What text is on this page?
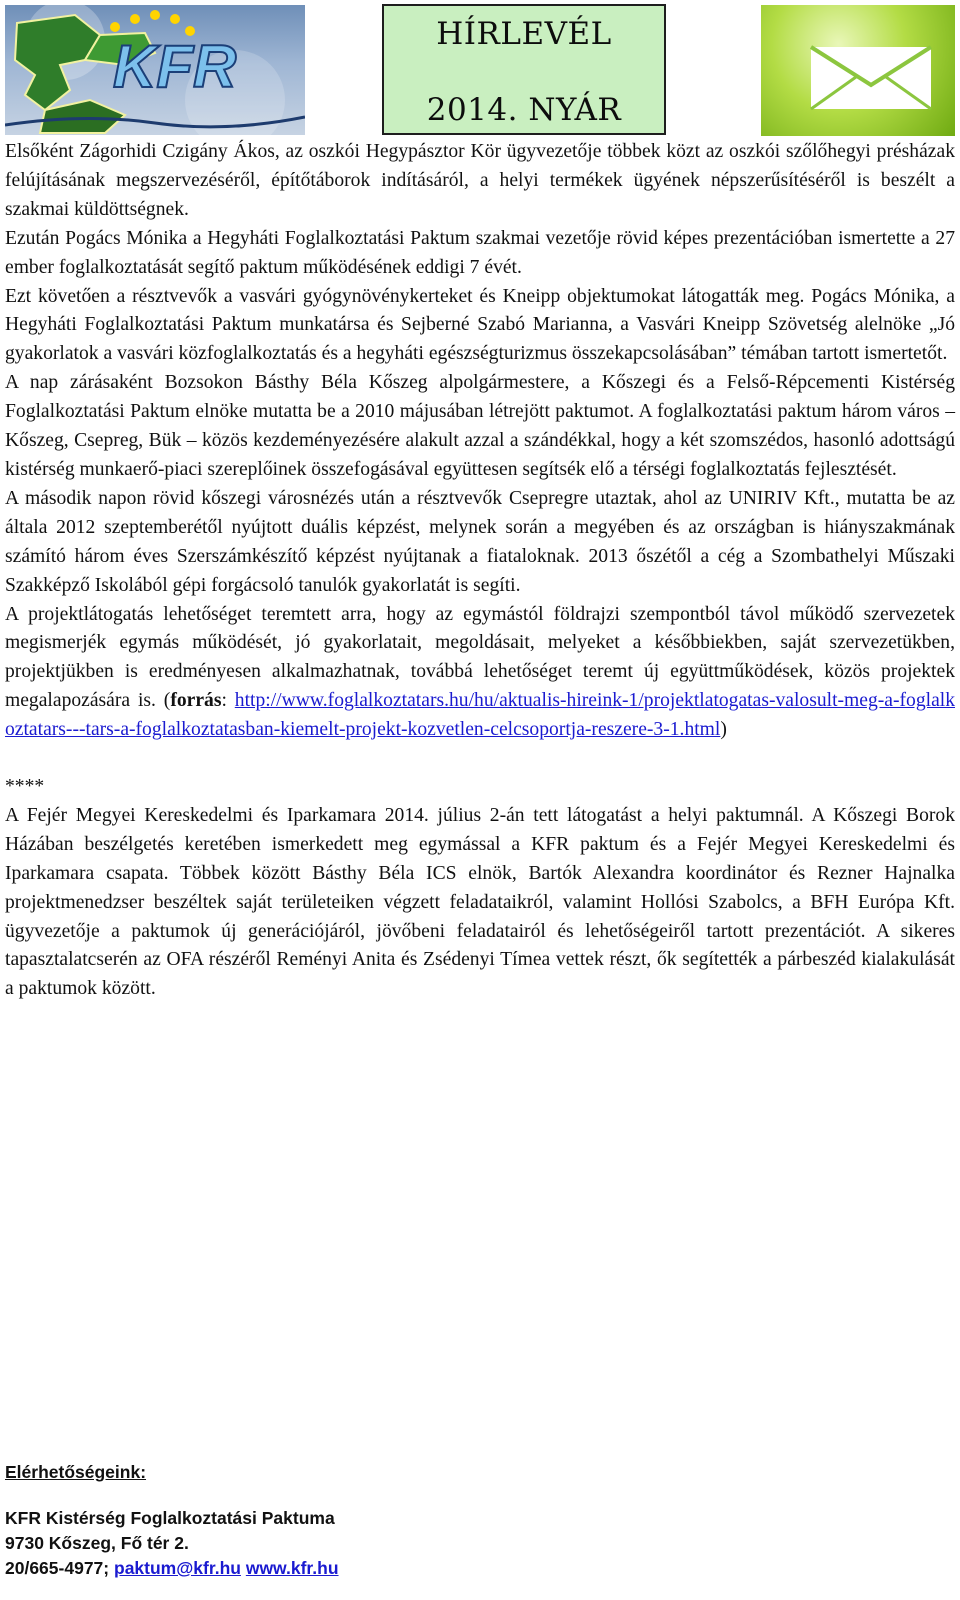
KFR	HÍRLEVÉL
2014. NYÁR

Elsőként Zágorhidi Czigány Ákos, az oszkói Hegypásztor Kör ügyvezetője többek közt az oszkói szőlőhegyi présházak felújításának megszervezéséről, építőtáborok indításáról, a helyi termékek ügyének népszerűsítéséről is beszélt a szakmai küldöttségnek.

Ezután Pogács Mónika a Hegyháti Foglalkoztatási Paktum szakmai vezetője rövid képes prezentációban ismertette a 27 ember foglalkoztatását segítő paktum működésének eddigi 7 évét.

Ezt követően a résztvevők a vasvári gyógynövénykerteket és Kneipp objektumokat látogatták meg. Pogács Mónika, a Hegyháti Foglalkoztatási Paktum munkatársa és Sejberné Szabó Marianna, a Vasvári Kneipp Szövetség alelnöke „Jó gyakorlatok a vasvári közfoglalkoztatás és a hegyháti egészségturizmus összekapcsolásában” témában tartott ismertetőt.

A nap zárásaként Bozsokon Básthy Béla Kőszeg alpolgármestere, a Kőszegi és a Felső-Répcementi Kistérség Foglalkoztatási Paktum elnöke mutatta be a 2010 májusában létrejött paktumot. A foglalkoztatási paktum három város – Kőszeg, Csepreg, Bük – közös kezdeményezésére alakult azzal a szándékkal, hogy a két szomszédos, hasonló adottságú kistérség munkaerő-piaci szereplőinek összefogásával együttesen segítsék elő a térségi foglalkoztatás fejlesztését.

A második napon rövid kőszegi városnézés után a résztvevők Csepregre utaztak, ahol az UNIRIV Kft., mutatta be az általa 2012 szeptemberétől nyújtott duális képzést, melynek során a megyében és az országban is hiányszakmának számító három éves Szerszámkészítő képzést nyújtanak a fiataloknak. 2013 őszétől a cég a Szombathelyi Műszaki Szakképző Iskolából gépi forgácsoló tanulók gyakorlatát is segíti.

A projektlátogatás lehetőséget teremtett arra, hogy az egymástól földrajzi szempontból távol működő szervezetek megismerjék egymás működését, jó gyakorlatait, megoldásait, melyeket a későbbiekben, saját szervezetükben, projektjükben is eredményesen alkalmazhatnak, továbbá lehetőséget teremt új együttműködések, közös projektek megalapozására is. (forrás: http://www.foglalkoztatars.hu/hu/aktualis-hireink-1/projektlatogatas-valosult-meg-a-foglalkoztatars---tars-a-foglalkoztatasban-kiemelt-projekt-kozvetlen-celcsoportja-reszere-3-1.html)

****

A Fejér Megyei Kereskedelmi és Iparkamara 2014. július 2-án tett látogatást a helyi paktumnál. A Kőszegi Borok Házában beszélgetés keretében ismerkedett meg egymással a KFR paktum és a Fejér Megyei Kereskedelmi és Iparkamara csapata. Többek között Básthy Béla ICS elnök, Bartók Alexandra koordinátor és Rezner Hajnalka projektmenedzser beszéltek saját területeiken végzett feladataikról, valamint Hollósi Szabolcs, a BFH Európa Kft. ügyvezetője a paktumok új generációjáról, jövőbeni feladatairól és lehetőségeiről tartott prezentációt. A sikeres tapasztalatcserén az OFA részéről Reményi Anita és Zsédenyi Tímea vettek részt, ők segítették a párbeszéd kialakulását a paktumok között.

Elérhetőségeink:
KFR Kistérség Foglalkoztatási Paktuma
9730 Kőszeg, Fő tér 2.
20/665-4977; paktum@kfr.hu www.kfr.hu
